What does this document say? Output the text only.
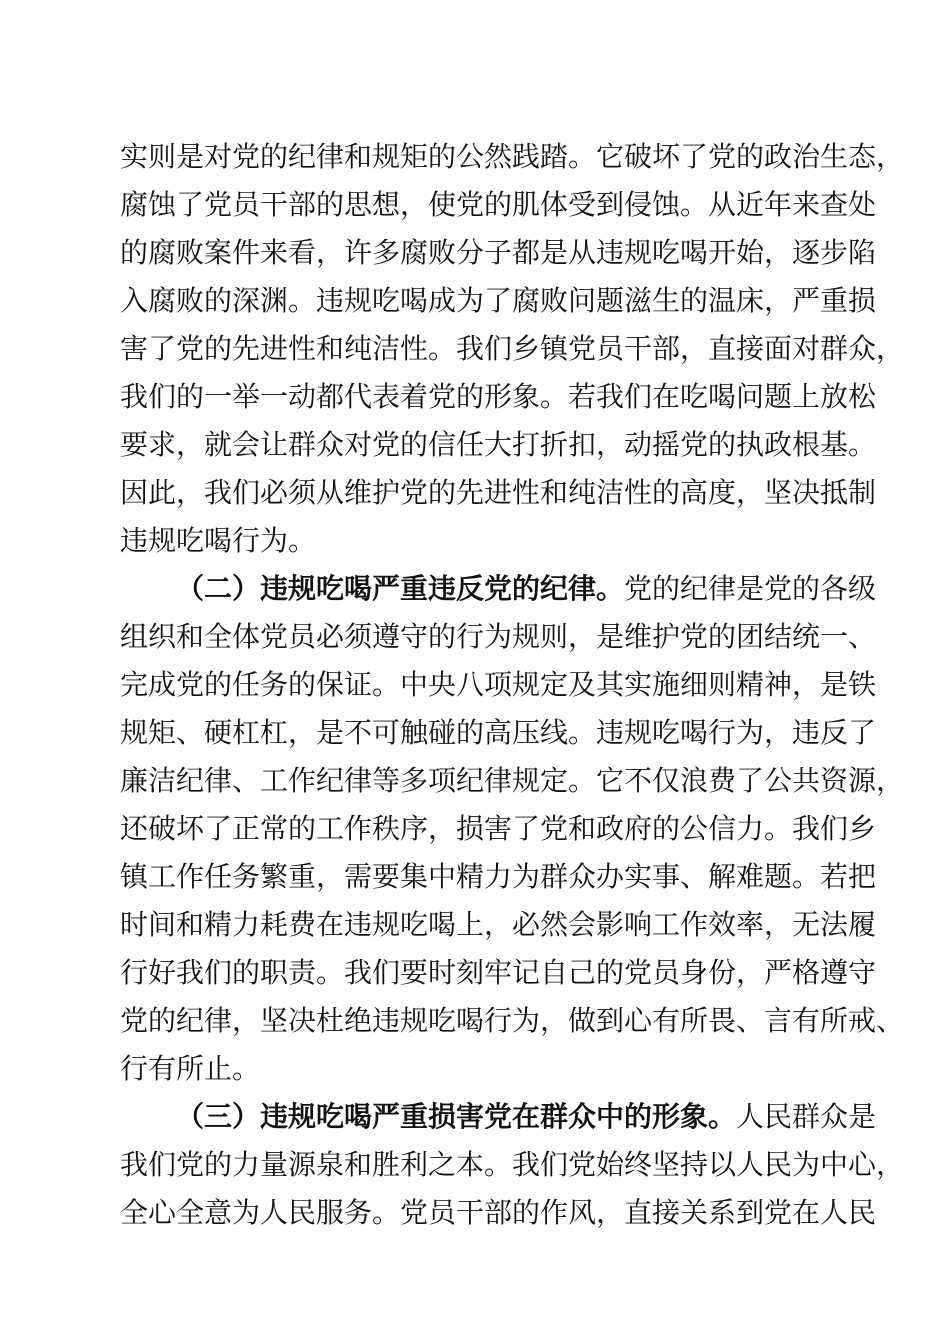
实则是对党的纪律和规矩的公然践踏。它破坏了党的政治生态，
腐蚀了党员干部的思想，使党的肌体受到侵蚀。从近年来查处
的腐败案件来看，许多腐败分子都是从违规吃喝开始，逐步陷
入腐败的深渊。违规吃喝成为了腐败问题滋生的温床，严重损
害了党的先进性和纯洁性。我们乡镇党员干部，直接面对群众，
我们的一举一动都代表着党的形象。若我们在吃喝问题上放松
要求，就会让群众对党的信任大打折扣，动摇党的执政根基。
因此，我们必须从维护党的先进性和纯洁性的高度，坚决抵制
违规吃喝行为。
（二）违规吃喝严重违反党的纪律。党的纪律是党的各级
组织和全体党员必须遵守的行为规则，是维护党的团结统一、
完成党的任务的保证。中央八项规定及其实施细则精神，是铁
规矩、硬杠杠，是不可触碰的高压线。违规吃喝行为，违反了
廉洁纪律、工作纪律等多项纪律规定。它不仅浪费了公共资源，
还破坏了正常的工作秩序，损害了党和政府的公信力。我们乡
镇工作任务繁重，需要集中精力为群众办实事、解难题。若把
时间和精力耗费在违规吃喝上，必然会影响工作效率，无法履
行好我们的职责。我们要时刻牢记自己的党员身份，严格遵守
党的纪律，坚决杜绝违规吃喝行为，做到心有所畏、言有所戒、
行有所止。
（三）违规吃喝严重损害党在群众中的形象。人民群众是
我们党的力量源泉和胜利之本。我们党始终坚持以人民为中心，
全心全意为人民服务。党员干部的作风，直接关系到党在人民
